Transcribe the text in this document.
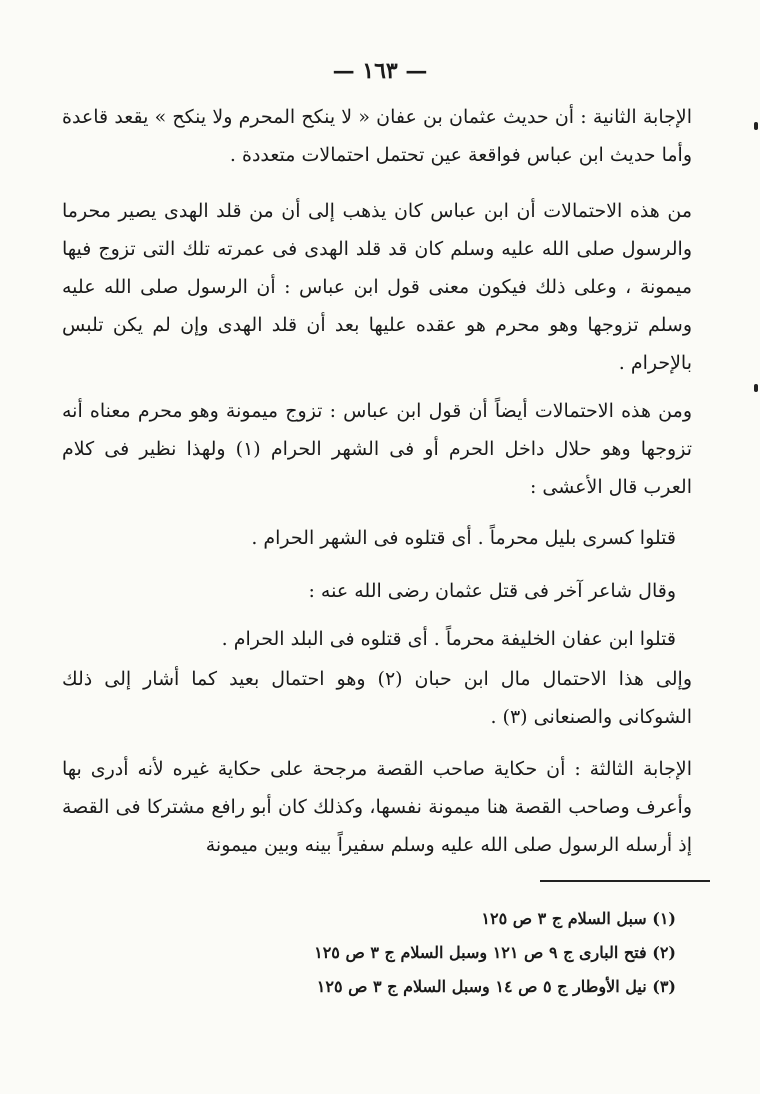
— ١٦٣ —
الإجابة الثانية : أن حديث عثمان بن عفان « لا ينكح المحرم ولا ينكح » يقعد قاعدة وأما حديث ابن عباس فواقعة عين تحتمل احتمالات متعددة .
من هذه الاحتمالات أن ابن عباس كان يذهب إلى أن من قلد الهدى يصير محرما والرسول صلى الله عليه وسلم كان قد قلد الهدى فى عمرته تلك التى تزوج فيها ميمونة ، وعلى ذلك فيكون معنى قول ابن عباس : أن الرسول صلى الله عليه وسلم تزوجها وهو محرم هو عقده عليها بعد أن قلد الهدى وإن لم يكن تلبس بالإحرام .
ومن هذه الاحتمالات أيضاً أن قول ابن عباس : تزوج ميمونة وهو محرم معناه أنه تزوجها وهو حلال داخل الحرم أو فى الشهر الحرام (١) ولهذا نظير فى كلام العرب قال الأعشى :
قتلوا كسرى بليل محرماً . أى قتلوه فى الشهر الحرام .
وقال شاعر آخر فى قتل عثمان رضى الله عنه :
قتلوا ابن عفان الخليفة محرماً . أى قتلوه فى البلد الحرام .
وإلى هذا الاحتمال مال ابن حبان (٢) وهو احتمال بعيد كما أشار إلى ذلك الشوكانى والصنعانى (٣) .
الإجابة الثالثة : أن حكاية صاحب القصة مرجحة على حكاية غيره لأنه أدرى بها وأعرف وصاحب القصة هنا ميمونة نفسها، وكذلك كان أبو رافع مشتركا فى القصة إذ أرسله الرسول صلى الله عليه وسلم سفيراً بينه وبين ميمونة
(١) سبل السلام ج ٣ ص ١٢٥
(٢) فتح البارى ج ٩ ص ١٢١ وسبل السلام ج ٣ ص ١٢٥
(٣) نيل الأوطار ج ٥ ص ١٤ وسبل السلام ج ٣ ص ١٢٥
